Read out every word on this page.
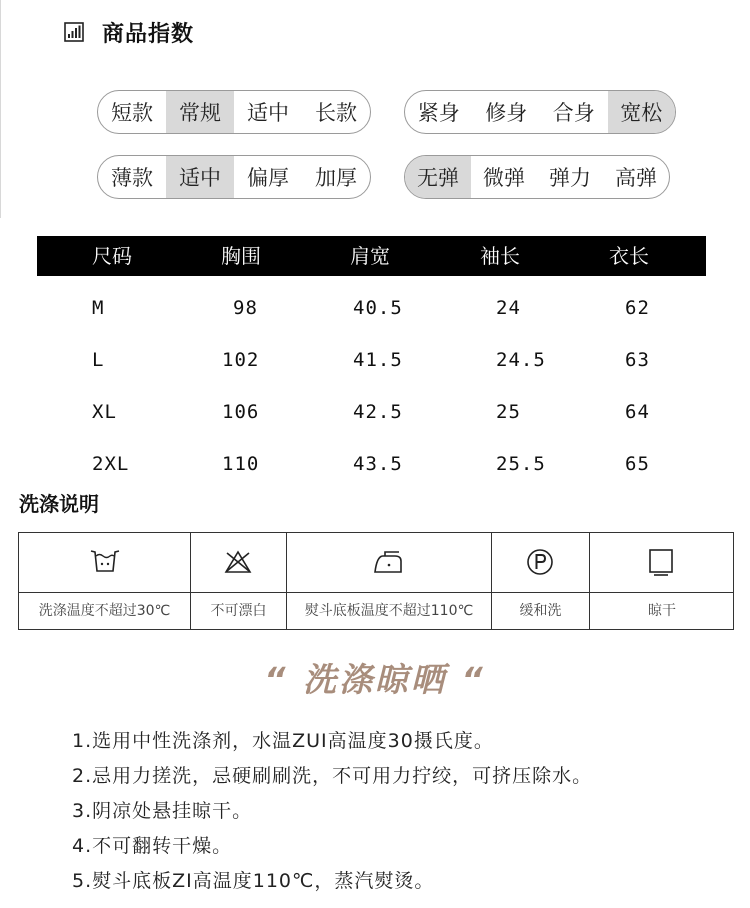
商品指数
短款	常规	适中	长款	紧身	修身	合身	宽松
薄款	适中	偏厚	加厚	无弹	微弹	弹力	高弹
尺码	胸围	肩宽	袖长	衣长
M	98	40.5	24	62
L	102	41.5	24.5	63
XL	106	42.5	25	64
2XL	110	43.5	25.5	65
洗涤说明
洗涤温度不超过30℃	不可漂白	熨斗底板温度不超过110℃	缓和洗	晾干
“ 洗涤晾晒 “
1.选用中性洗涤剂，水温ZUI高温度30摄氏度。
2.忌用力搓洗，忌硬刷刷洗，不可用力拧绞，可挤压除水。
3.阴凉处悬挂晾干。
4.不可翻转干燥。
5.熨斗底板ZI高温度110℃，蒸汽熨烫。
